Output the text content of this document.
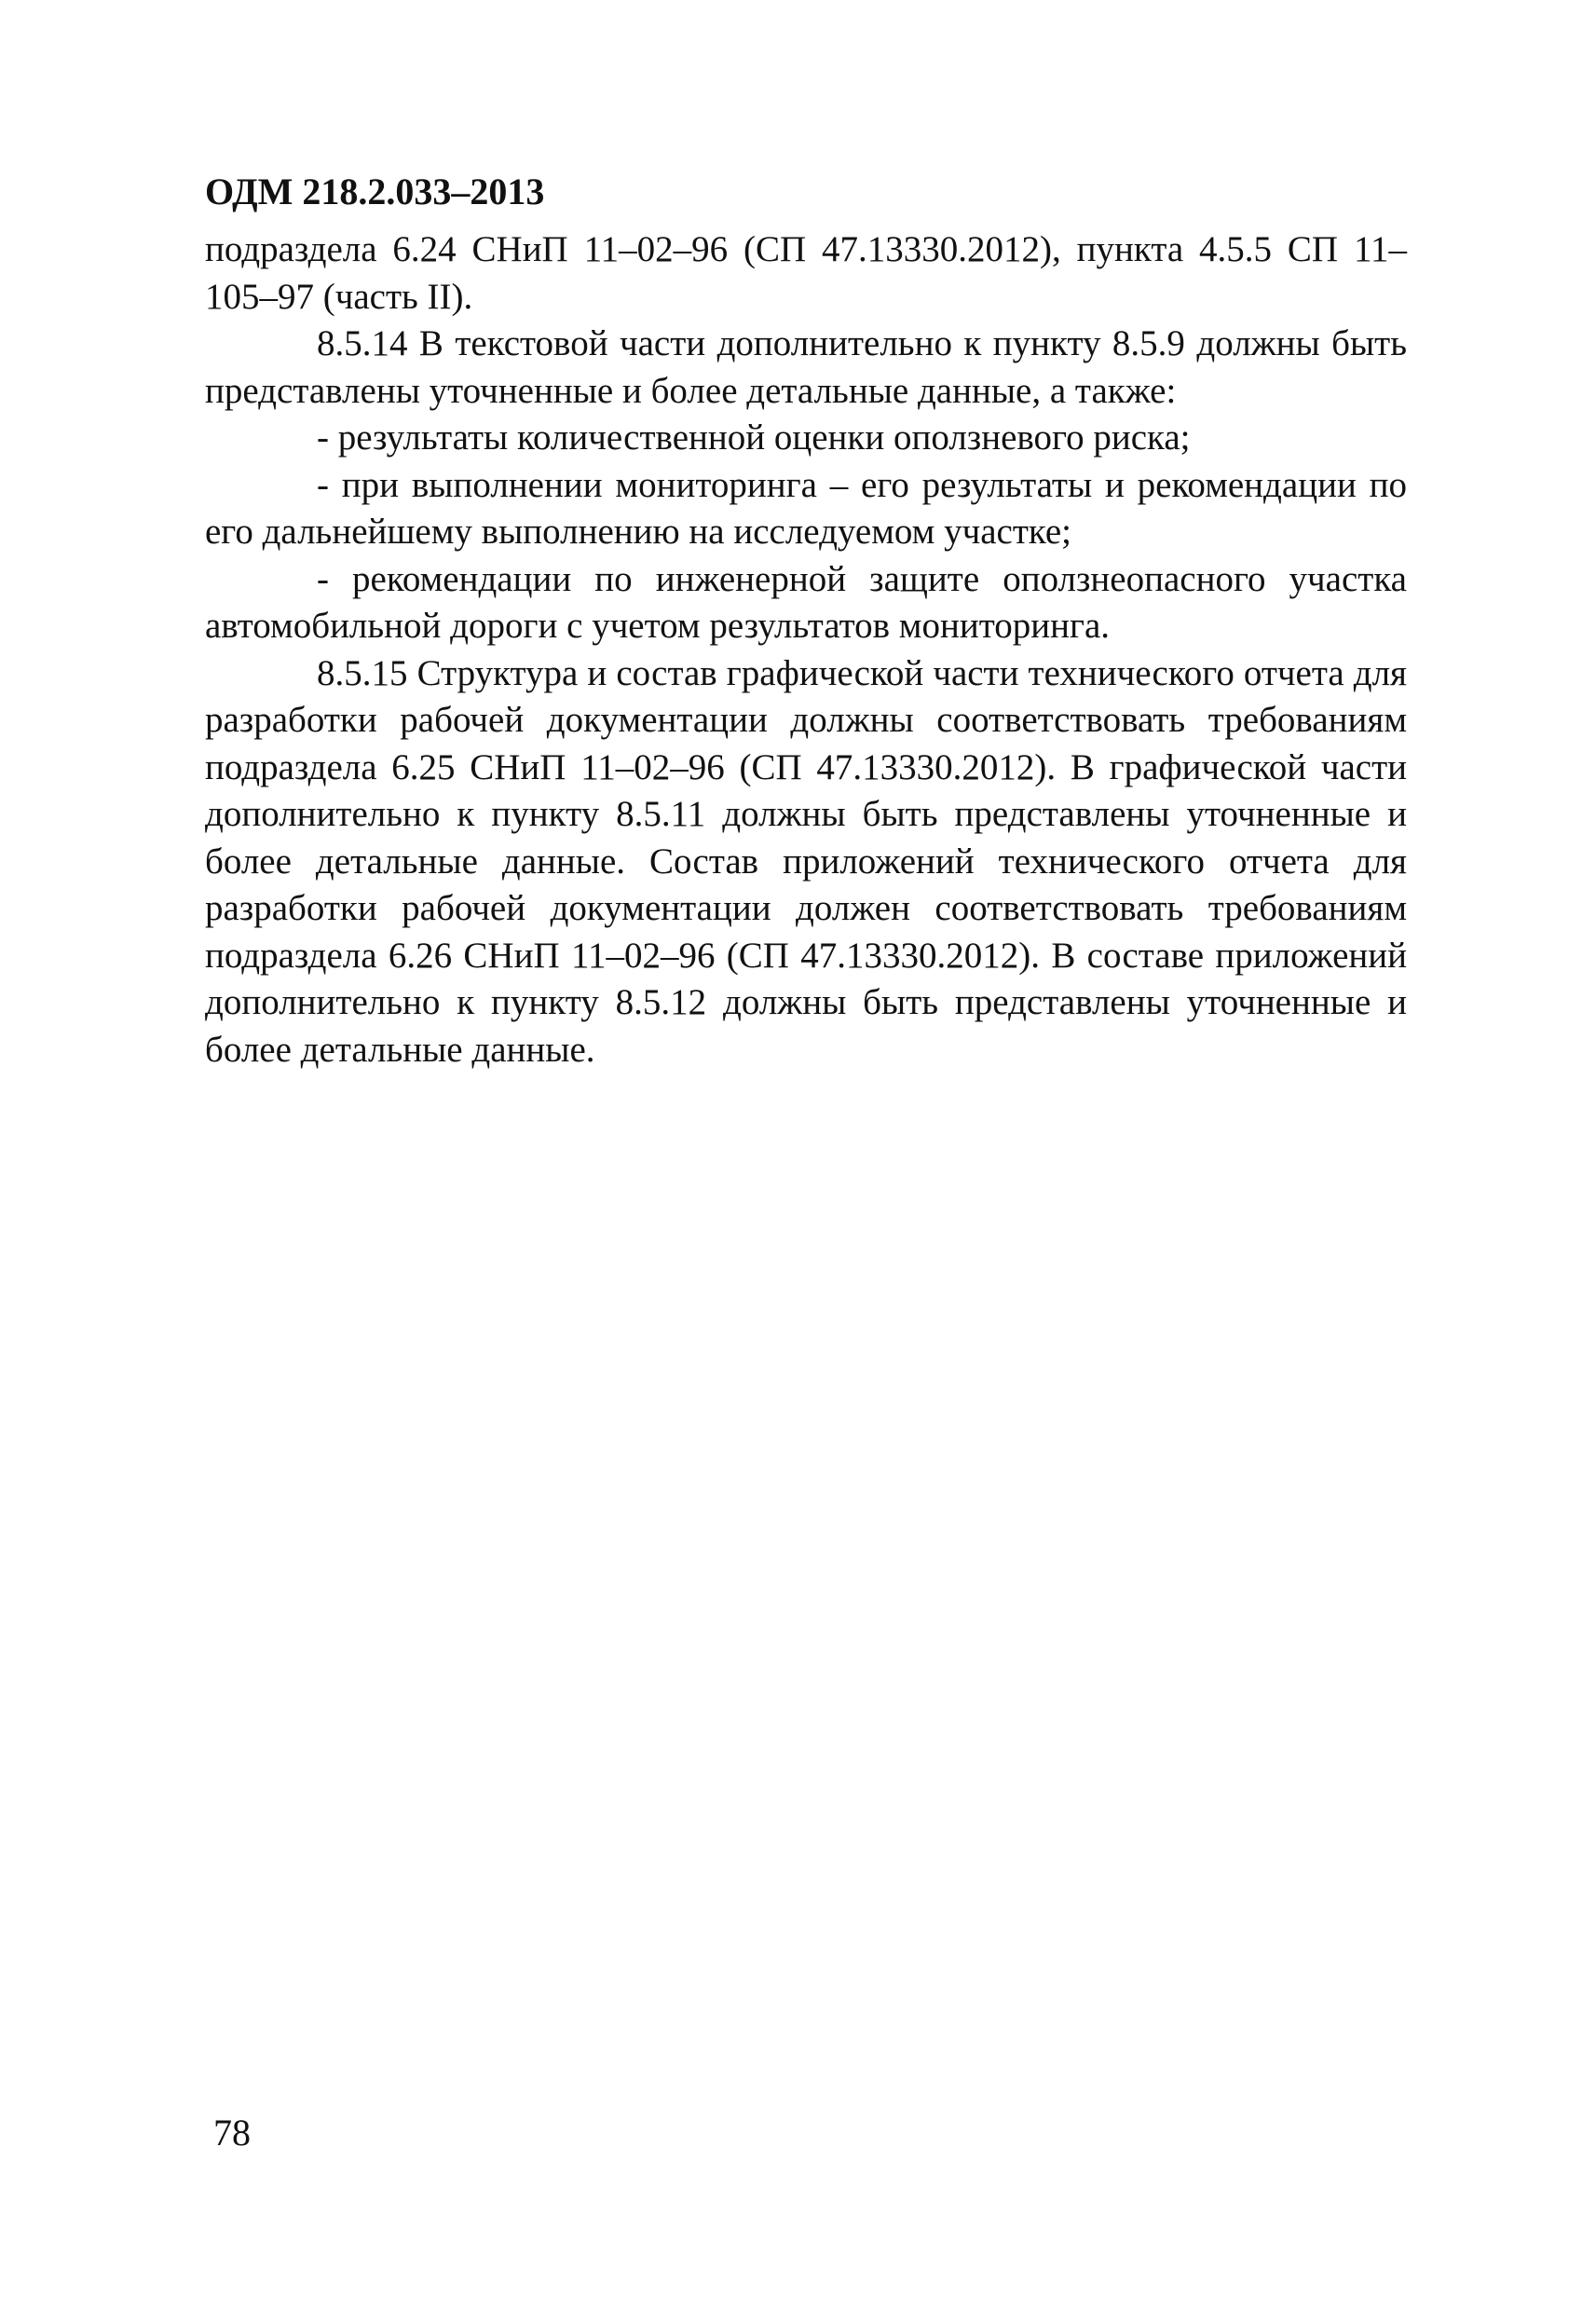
ОДМ 218.2.033–2013

подраздела 6.24 СНиП 11–02–96 (СП 47.13330.2012), пункта 4.5.5 СП 11–105–97 (часть II).

8.5.14 В текстовой части дополнительно к пункту 8.5.9 должны быть представлены уточненные и более детальные данные, а также:

- результаты количественной оценки оползневого риска;

- при выполнении мониторинга – его результаты и рекомендации по его дальнейшему выполнению на исследуемом участке;

- рекомендации по инженерной защите оползнеопасного участка автомобильной дороги с учетом результатов мониторинга.

8.5.15 Структура и состав графической части технического отчета для разработки рабочей документации должны соответствовать требованиям подраздела 6.25 СНиП 11–02–96 (СП 47.13330.2012). В графической части дополнительно к пункту 8.5.11 должны быть представлены уточненные и более детальные данные. Состав приложений технического отчета для разработки рабочей документации должен соответствовать требованиям подраздела 6.26 СНиП 11–02–96 (СП 47.13330.2012). В составе приложений дополнительно к пункту 8.5.12 должны быть представлены уточненные и более детальные данные.

78
